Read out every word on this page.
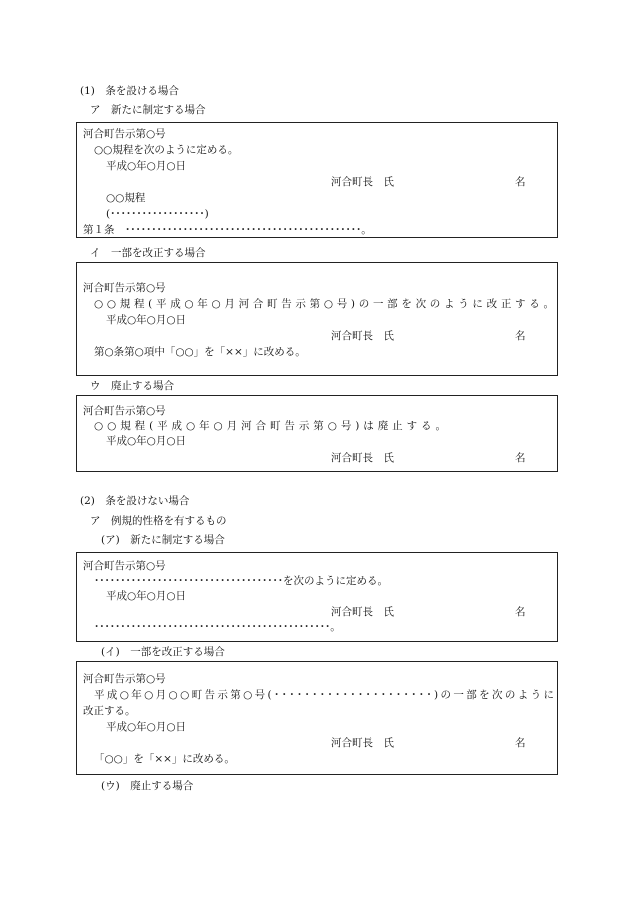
(1)　条を設ける場合
ア　新たに制定する場合
河合町告示第○号
○○規程を次のように定める。
平成○年○月○日
河合町長　氏	名
○○規程
(･･････････････････)
第１条　･････････････････････････････････････････････。
イ　一部を改正する場合
河合町告示第○号
○○規程(平成○年○月河合町告示第○号)の一部を次のように改正する。
平成○年○月○日
河合町長　氏	名
第○条第○項中「○○」を「××」に改める。
ウ　廃止する場合
河合町告示第○号
○○規程(平成○年○月河合町告示第○号)は廃止する。
平成○年○月○日
河合町長　氏	名
(2)　条を設けない場合
ア　例規的性格を有するもの
(ア)　新たに制定する場合
河合町告示第○号
････････････････････････････････････を次のように定める。
平成○年○月○日
河合町長　氏	名
･････････････････････････････････････････････。
(イ)　一部を改正する場合
河合町告示第○号
平成○年○月○○町告示第○号(･････････････････････)の一部を次のように
改正する。
平成○年○月○日
河合町長　氏	名
「○○」を「××」に改める。
(ウ)　廃止する場合
